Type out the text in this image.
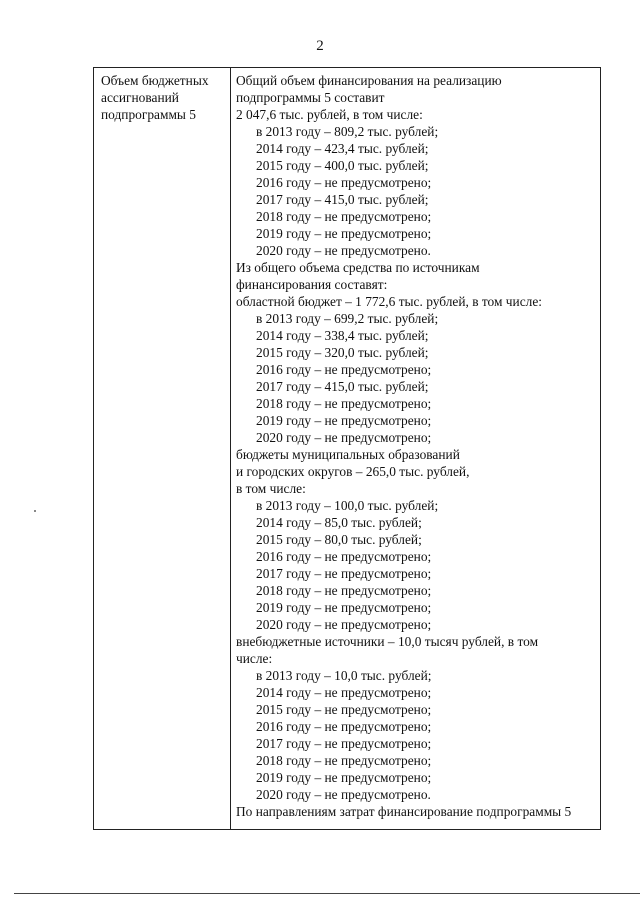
2
Объем бюджетных
ассигнований
подпрограммы 5
Общий объем финансирования на реализацию
подпрограммы 5 составит
2 047,6 тыс. рублей, в том числе:
в 2013 году – 809,2 тыс. рублей;
2014 году – 423,4 тыс. рублей;
2015 году – 400,0 тыс. рублей;
2016 году – не предусмотрено;
2017 году – 415,0 тыс. рублей;
2018 году – не предусмотрено;
2019 году – не предусмотрено;
2020 году – не предусмотрено.
Из общего объема средства по источникам
финансирования составят:
областной бюджет – 1 772,6 тыс. рублей, в том числе:
в 2013 году – 699,2 тыс. рублей;
2014 году – 338,4 тыс. рублей;
2015 году – 320,0 тыс. рублей;
2016 году – не предусмотрено;
2017 году – 415,0 тыс. рублей;
2018 году – не предусмотрено;
2019 году – не предусмотрено;
2020 году – не предусмотрено;
бюджеты муниципальных образований
и городских округов – 265,0 тыс. рублей,
в том числе:
в 2013 году – 100,0 тыс. рублей;
2014 году – 85,0 тыс. рублей;
2015 году – 80,0 тыс. рублей;
2016 году – не предусмотрено;
2017 году – не предусмотрено;
2018 году – не предусмотрено;
2019 году – не предусмотрено;
2020 году – не предусмотрено;
внебюджетные источники – 10,0 тысяч рублей, в том
числе:
в 2013 году – 10,0 тыс. рублей;
2014 году – не предусмотрено;
2015 году – не предусмотрено;
2016 году – не предусмотрено;
2017 году – не предусмотрено;
2018 году – не предусмотрено;
2019 году – не предусмотрено;
2020 году – не предусмотрено.
По направлениям затрат финансирование подпрограммы 5
